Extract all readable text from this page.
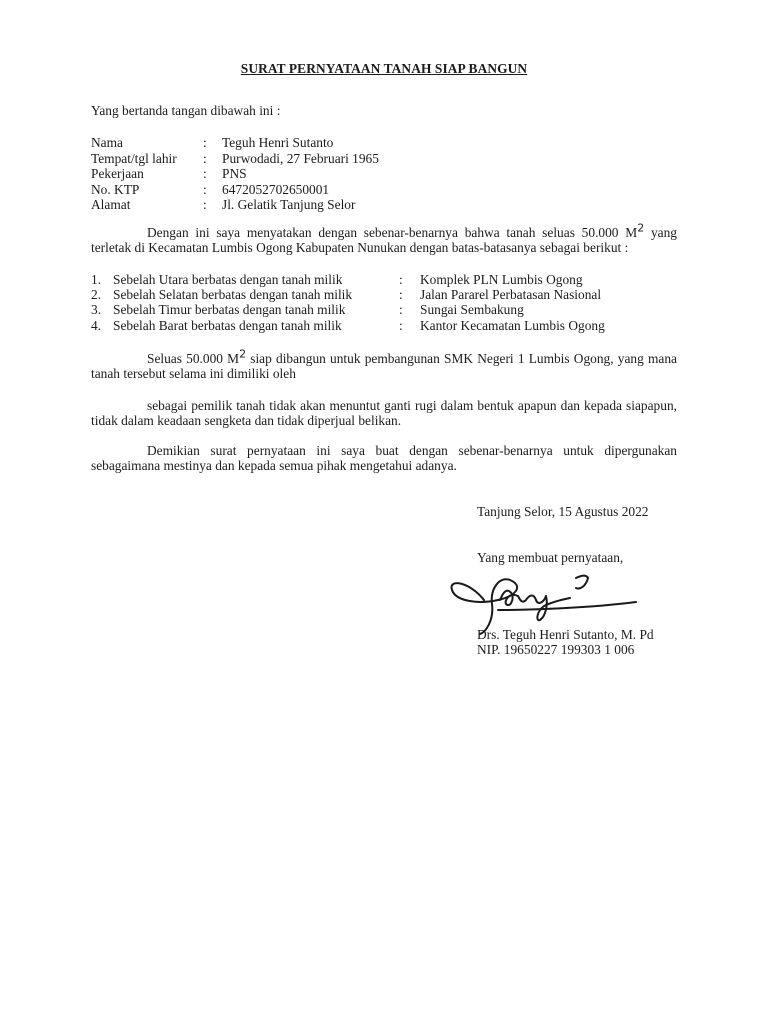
SURAT PERNYATAAN TANAH SIAP BANGUN
Yang bertanda tangan dibawah ini :
Nama	:	Teguh Henri Sutanto
Tempat/tgl lahir	:	Purwodadi, 27 Februari 1965
Pekerjaan	:	PNS
No. KTP	:	6472052702650001
Alamat	:	Jl. Gelatik Tanjung Selor
Dengan ini saya menyatakan dengan sebenar-benarnya bahwa tanah seluas 50.000 $M^2$ yang terletak di Kecamatan Lumbis Ogong Kabupaten Nunukan dengan batas-batasanya sebagai berikut :
1. Sebelah Utara berbatas dengan tanah milik	:	Komplek PLN Lumbis Ogong
2. Sebelah Selatan berbatas dengan tanah milik	:	Jalan Pararel Perbatasan Nasional
3. Sebelah Timur berbatas dengan tanah milik	:	Sungai Sembakung
4. Sebelah Barat berbatas dengan tanah milik	:	Kantor Kecamatan Lumbis Ogong
Seluas 50.000 $M^2$ siap dibangun untuk pembangunan SMK Negeri 1 Lumbis Ogong, yang mana tanah tersebut selama ini dimiliki oleh
sebagai pemilik tanah tidak akan menuntut ganti rugi dalam bentuk apapun dan kepada siapapun, tidak dalam keadaan sengketa dan tidak diperjual belikan.
Demikian surat pernyataan ini saya buat dengan sebenar-benarnya untuk dipergunakan sebagaimana mestinya dan kepada semua pihak mengetahui adanya.
Tanjung Selor, 15 Agustus 2022
Yang membuat pernyataan,
Drs. Teguh Henri Sutanto, M. Pd
NIP. 19650227 199303 1 006
